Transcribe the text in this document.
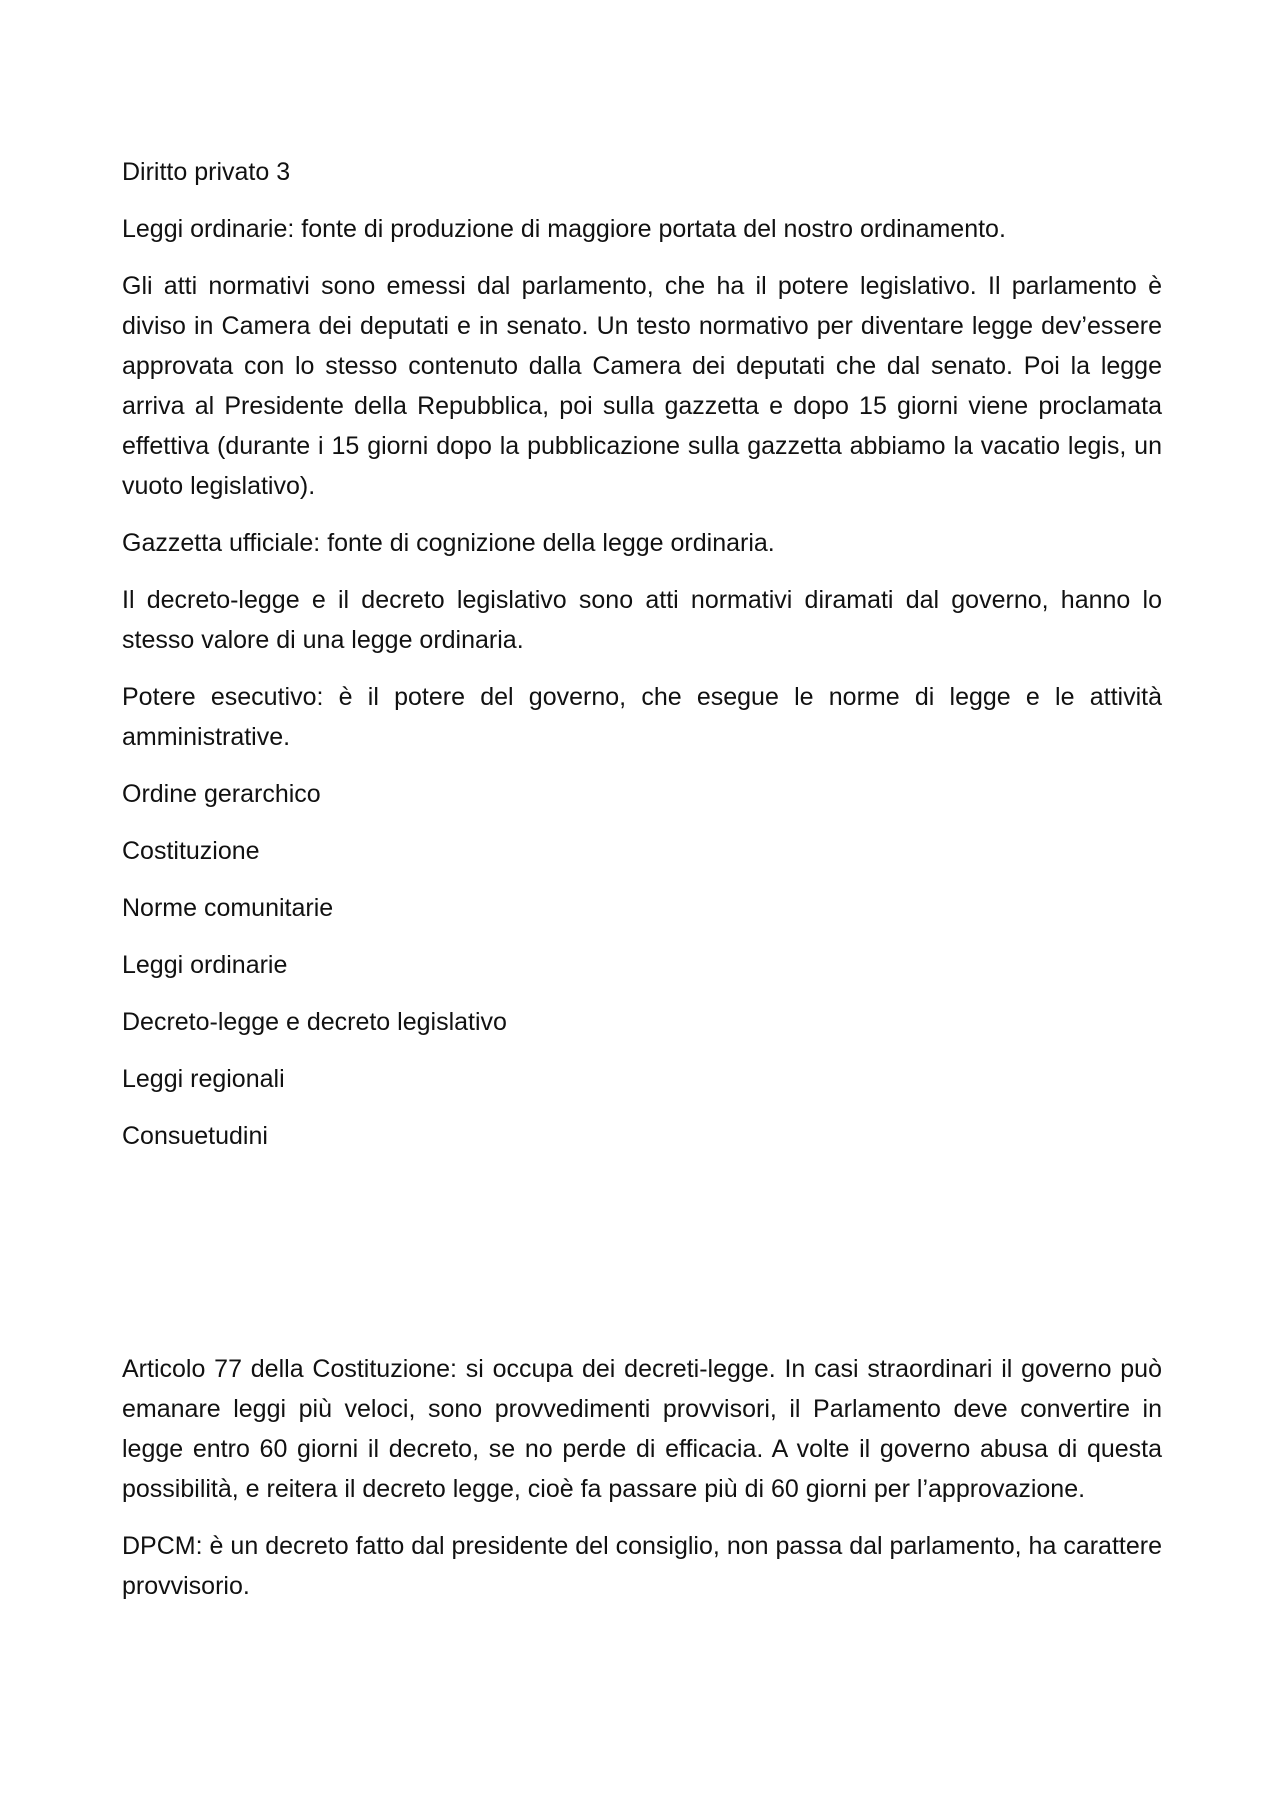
Diritto privato 3

Leggi ordinarie: fonte di produzione di maggiore portata del nostro ordinamento.

Gli atti normativi sono emessi dal parlamento, che ha il potere legislativo. Il parlamento è diviso in Camera dei deputati e in senato. Un testo normativo per diventare legge dev’essere approvata con lo stesso contenuto dalla Camera dei deputati che dal senato. Poi la legge arriva al Presidente della Repubblica, poi sulla gazzetta e dopo 15 giorni viene proclamata effettiva (durante i 15 giorni dopo la pubblicazione sulla gazzetta abbiamo la vacatio legis, un vuoto legislativo).

Gazzetta ufficiale: fonte di cognizione della legge ordinaria.

Il decreto-legge e il decreto legislativo sono atti normativi diramati dal governo, hanno lo stesso valore di una legge ordinaria.

Potere esecutivo: è il potere del governo, che esegue le norme di legge e le attività amministrative.

Ordine gerarchico

Costituzione

Norme comunitarie

Leggi ordinarie

Decreto-legge e decreto legislativo

Leggi regionali

Consuetudini

Articolo 77 della Costituzione: si occupa dei decreti-legge. In casi straordinari il governo può emanare leggi più veloci, sono provvedimenti provvisori, il Parlamento deve convertire in legge entro 60 giorni il decreto, se no perde di efficacia. A volte il governo abusa di questa possibilità, e reitera il decreto legge, cioè fa passare più di 60 giorni per l’approvazione.

DPCM: è un decreto fatto dal presidente del consiglio, non passa dal parlamento, ha carattere provvisorio.
